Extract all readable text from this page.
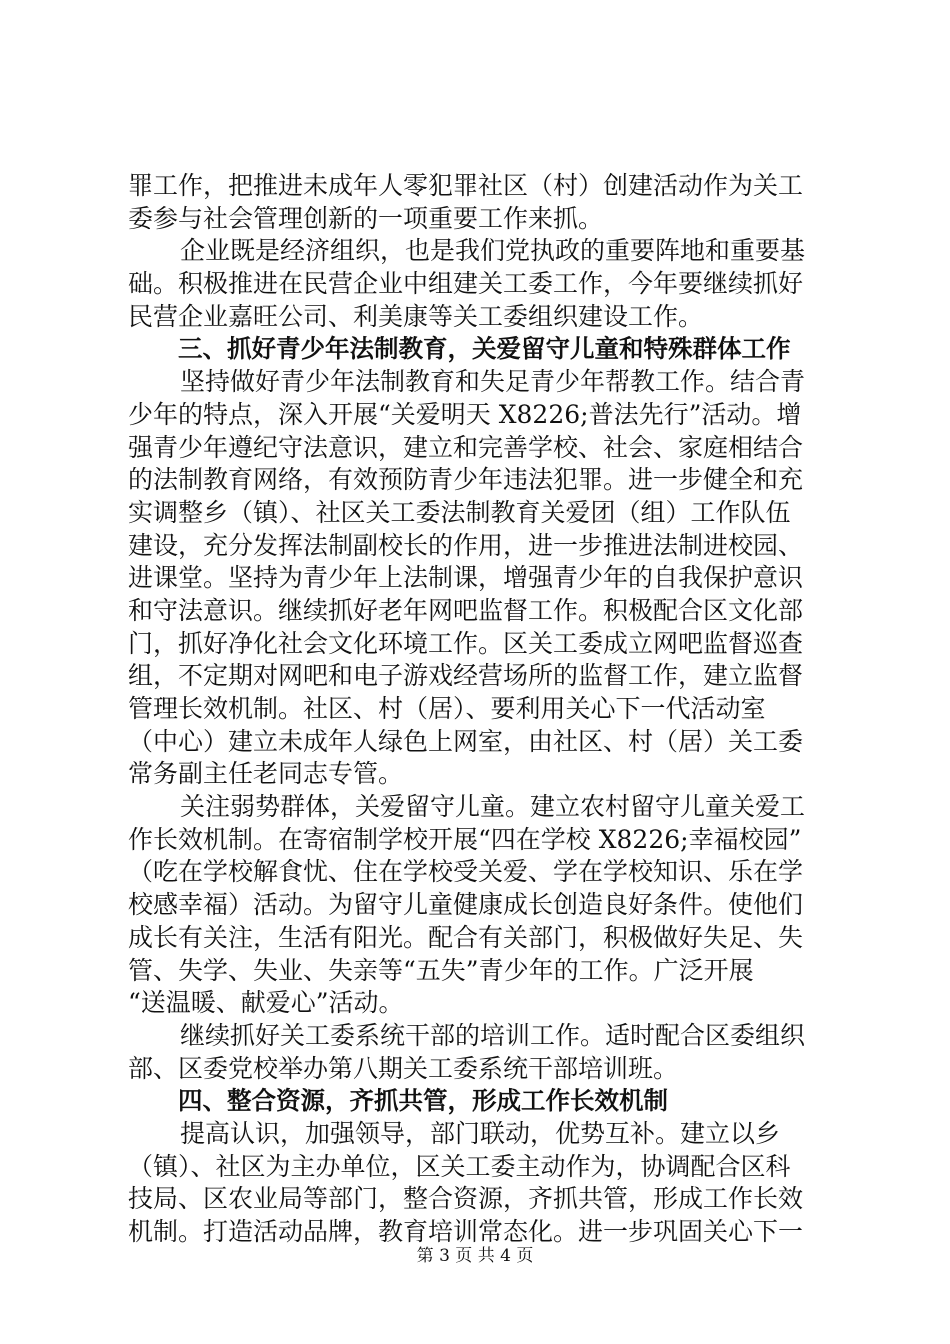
罪工作，把推进未成年人零犯罪社区（村）创建活动作为关工
委参与社会管理创新的一项重要工作来抓。
企业既是经济组织，也是我们党执政的重要阵地和重要基
础。积极推进在民营企业中组建关工委工作，今年要继续抓好
民营企业嘉旺公司、利美康等关工委组织建设工作。
三、抓好青少年法制教育，关爱留守儿童和特殊群体工作
坚持做好青少年法制教育和失足青少年帮教工作。结合青
少年的特点，深入开展“关爱明天 X8226;普法先行”活动。增
强青少年遵纪守法意识，建立和完善学校、社会、家庭相结合
的法制教育网络，有效预防青少年违法犯罪。进一步健全和充
实调整乡（镇）、社区关工委法制教育关爱团（组）工作队伍
建设，充分发挥法制副校长的作用，进一步推进法制进校园、
进课堂。坚持为青少年上法制课，增强青少年的自我保护意识
和守法意识。继续抓好老年网吧监督工作。积极配合区文化部
门，抓好净化社会文化环境工作。区关工委成立网吧监督巡查
组，不定期对网吧和电子游戏经营场所的监督工作，建立监督
管理长效机制。社区、村（居）、要利用关心下一代活动室
（中心）建立未成年人绿色上网室，由社区、村（居）关工委
常务副主任老同志专管。
关注弱势群体，关爱留守儿童。建立农村留守儿童关爱工
作长效机制。在寄宿制学校开展“四在学校 X8226;幸福校园”
（吃在学校解食忧、住在学校受关爱、学在学校知识、乐在学
校感幸福）活动。为留守儿童健康成长创造良好条件。使他们
成长有关注，生活有阳光。配合有关部门，积极做好失足、失
管、失学、失业、失亲等“五失”青少年的工作。广泛开展
“送温暖、献爱心”活动。
继续抓好关工委系统干部的培训工作。适时配合区委组织
部、区委党校举办第八期关工委系统干部培训班。
四、整合资源，齐抓共管，形成工作长效机制
提高认识，加强领导，部门联动，优势互补。建立以乡
（镇）、社区为主办单位，区关工委主动作为，协调配合区科
技局、区农业局等部门，整合资源，齐抓共管，形成工作长效
机制。打造活动品牌，教育培训常态化。进一步巩固关心下一
第 3 页 共 4 页
